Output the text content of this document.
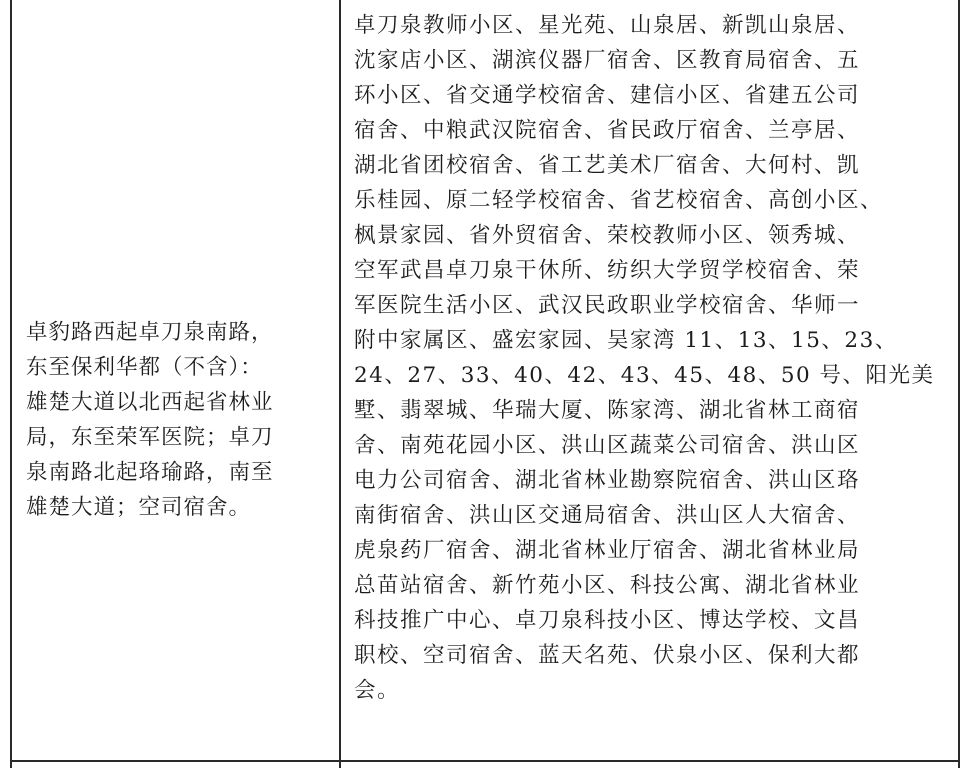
卓豹路西起卓刀泉南路，
东至保利华都（不含）：
雄楚大道以北西起省林业
局，东至荣军医院；卓刀
泉南路北起珞瑜路，南至
雄楚大道；空司宿舍。

卓刀泉教师小区、星光苑、山泉居、新凯山泉居、
沈家店小区、湖滨仪器厂宿舍、区教育局宿舍、五
环小区、省交通学校宿舍、建信小区、省建五公司
宿舍、中粮武汉院宿舍、省民政厅宿舍、兰亭居、
湖北省团校宿舍、省工艺美术厂宿舍、大何村、凯
乐桂园、原二轻学校宿舍、省艺校宿舍、高创小区、
枫景家园、省外贸宿舍、荣校教师小区、领秀城、
空军武昌卓刀泉干休所、纺织大学贸学校宿舍、荣
军医院生活小区、武汉民政职业学校宿舍、华师一
附中家属区、盛宏家园、吴家湾 11、13、15、23、
24、27、33、40、42、43、45、48、50 号、阳光美
墅、翡翠城、华瑞大厦、陈家湾、湖北省林工商宿
舍、南苑花园小区、洪山区蔬菜公司宿舍、洪山区
电力公司宿舍、湖北省林业勘察院宿舍、洪山区珞
南街宿舍、洪山区交通局宿舍、洪山区人大宿舍、
虎泉药厂宿舍、湖北省林业厅宿舍、湖北省林业局
总苗站宿舍、新竹苑小区、科技公寓、湖北省林业
科技推广中心、卓刀泉科技小区、博达学校、文昌
职校、空司宿舍、蓝天名苑、伏泉小区、保利大都
会。
